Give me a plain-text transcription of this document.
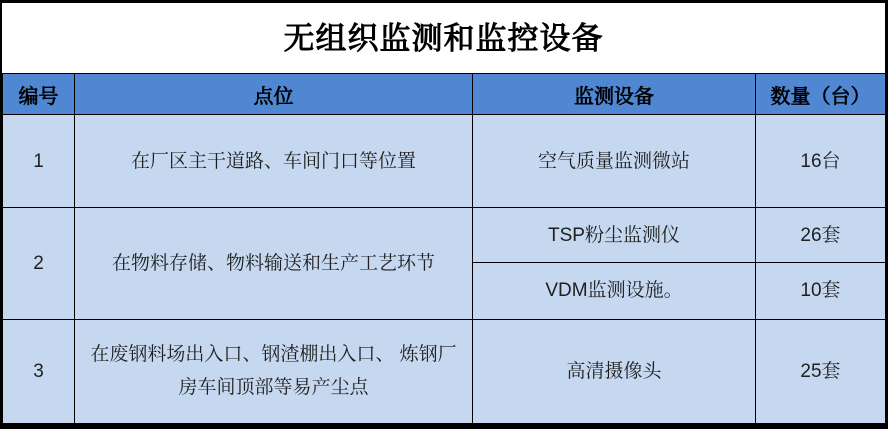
无组织监测和监控设备
编号	点位	监测设备	数量（台）
1	在厂区主干道路、车间门口等位置	空气质量监测微站	16台
2	在物料存储、物料输送和生产工艺环节	TSP粉尘监测仪	26套
		VDM监测设施。	10套
3	在废钢料场出入口、钢渣棚出入口、 炼钢厂房车间顶部等易产尘点	高清摄像头	25套
